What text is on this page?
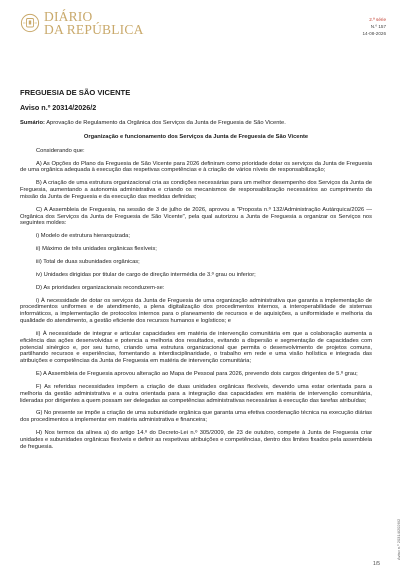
DIÁRIO
DA REPÚBLICA
2.ª série
N.º 157
14-08-2026
FREGUESIA DE SÃO VICENTE
Aviso n.º 20314/2026/2
Sumário: Aprovação de Regulamento da Orgânica dos Serviços da Junta de Freguesia de São Vicente.
Organização e funcionamento dos Serviços da Junta de Freguesia de São Vicente
Considerando que:
A) As Opções do Plano da Freguesia de São Vicente para 2026 definiram como prioridade dotar os serviços da Junta de Freguesia de uma orgânica adequada à execução das respetivas competências e à criação de vários níveis de responsabilização;
B) A criação de uma estrutura organizacional cria as condições necessárias para um melhor desempenho dos Serviços da Junta de Freguesia, aumentando a autonomia administrativa e criando os mecanismos de responsabilização necessários ao cumprimento da missão da Junta de Freguesia e da execução das medidas definidas;
C) A Assembleia de Freguesia, na sessão de 3 de julho de 2026, aprovou a "Proposta n.º 132/Administração Autárquica/2026 — Orgânica dos Serviços da Junta de Freguesia de São Vicente", pela qual autorizou a Junta de Freguesia a organizar os Serviços nos seguintes moldes:
i) Modelo de estrutura hierarquizada;
ii) Máximo de três unidades orgânicas flexíveis;
iii) Total de duas subunidades orgânicas;
iv) Unidades dirigidas por titular de cargo de direção intermédia de 3.º grau ou inferior;
D) As prioridades organizacionais reconduzem-se:
i) À necessidade de dotar os serviços da Junta de Freguesia de uma organização administrativa que garanta a implementação de procedimentos uniformes e de atendimento, a plena digitalização dos procedimentos internos, a interoperabilidade de sistemas informáticos, a implementação de protocolos internos para o planeamento de recursos e de aquisições, a uniformidade e melhoria da qualidade do atendimento, a gestão eficiente dos recursos humanos e logísticos; e
ii) À necessidade de integrar e articular capacidades em matéria de intervenção comunitária em que a colaboração aumenta a eficiência das ações desenvolvidas e potencia a melhoria dos resultados, evitando a dispersão e segmentação de capacidades com potencial sinérgico e, por seu turno, criando uma estrutura organizacional que permita o desenvolvimento de projetos comuns, partilhando recursos e experiências, fomentando a interdisciplinaridade, o trabalho em rede e uma visão holística e integrada das atribuições e competências da Junta de Freguesia em matéria de intervenção comunitária;
E) A Assembleia de Freguesia aprovou alteração ao Mapa de Pessoal para 2026, prevendo dois cargos dirigentes de 5.º grau;
F) As referidas necessidades impõem a criação de duas unidades orgânicas flexíveis, devendo uma estar orientada para a melhoria da gestão administrativa e a outra orientada para a integração das capacidades em matéria de intervenção comunitária, lideradas por dirigentes a quem possam ser delegadas as competências administrativas necessárias à execução das tarefas atribuídas;
G) No presente se impõe a criação de uma subunidade orgânica que garanta uma efetiva coordenação técnica na execução diárias dos procedimentos a implementar em matéria administrativa e financeira;
H) Nos termos da alínea a) do artigo 14.º do Decreto-Lei n.º 305/2009, de 23 de outubro, compete à Junta de Freguesia criar unidades e subunidades orgânicas flexíveis e definir as respetivas atribuições e competências, dentro dos limites fixados pela assembleia de freguesia.
Aviso n.º 20314/2026/2
1/5
